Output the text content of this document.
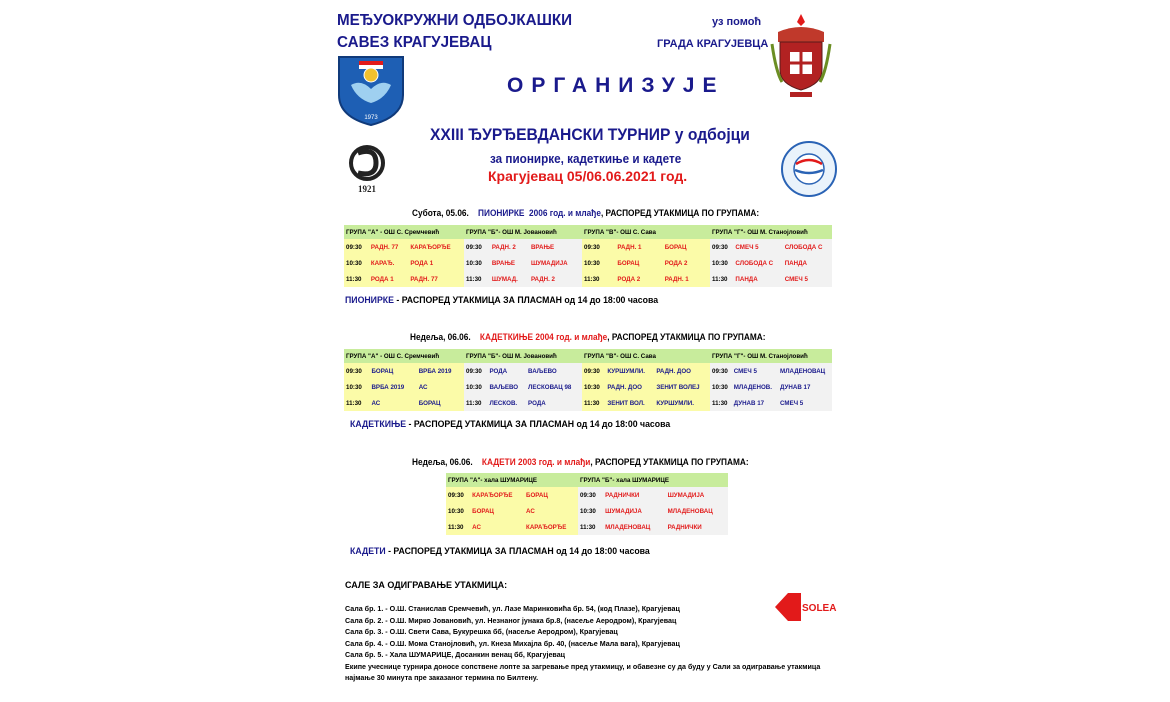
МЕЂУОКРУЖНИ ОДБОЈКАШКИ
САВЕЗ КРАГУЈЕВАЦ
уз помоћ
ГРАДА КРАГУЈЕВЦА
1973
1921
ОРГАНИЗУЈЕ
XXIII ЂУРЂЕВДАНСКИ ТУРНИР у одбојци
за пионирке, кадеткиње и кадете
Крагујевац 05/06.06.2021 год.
Субота, 05.06. ПИОНИРКЕ 2006 год. и млађе, РАСПОРЕД УТАКМИЦА ПО ГРУПАМА:
ГРУПА "А" - ОШ С. Сремчевић		
09:30	РАДН. 77	КАРАЂОРЂЕ
10:30	КАРАЂ.	РОДА 1
11:30	РОДА 1	РАДН. 77
ГРУПА "Б"- ОШ М. Јовановић		
09:30	РАДН. 2	ВРАЊЕ
10:30	ВРАЊЕ	ШУМАДИЈА
11:30	ШУМАД.	РАДН. 2
ГРУПА "В"- ОШ С. Сава		
09:30	РАДН. 1	БОРАЦ
10:30	БОРАЦ	РОДА 2
11:30	РОДА 2	РАДН. 1
ГРУПА "Г"- ОШ М. Станојловић		
09:30	СМЕЧ 5	СЛОБОДА С
10:30	СЛОБОДА С	ПАНДА
11:30	ПАНДА	СМЕЧ 5
ПИОНИРКЕ - РАСПОРЕД УТАКМИЦА ЗА ПЛАСМАН од 14 до 18:00 часова
Недеља, 06.06. КАДЕТКИЊЕ 2004 год. и млађе, РАСПОРЕД УТАКМИЦА ПО ГРУПАМА:
ГРУПА "А" - ОШ С. Сремчевић		
09:30	БОРАЦ	ВРБА 2019
10:30	ВРБА 2019	АС
11:30	АС	БОРАЦ
ГРУПА "Б"- ОШ М. Јовановић		
09:30	РОДА	ВАЉЕВО
10:30	ВАЉЕВО	ЛЕСКОВАЦ 98
11:30	ЛЕСКОВ.	РОДА
ГРУПА "В"- ОШ С. Сава		
09:30	КУРШУМЛИ.	РАДН. ДОО
10:30	РАДН. ДОО	ЗЕНИТ ВОЛЕЈ
11:30	ЗЕНИТ ВОЛ.	КУРШУМЛИ.
ГРУПА "Г"- ОШ М. Станојловић		
09:30	СМЕЧ 5	МЛАДЕНОВАЦ
10:30	МЛАДЕНОВ.	ДУНАВ 17
11:30	ДУНАВ 17	СМЕЧ 5
КАДЕТКИЊЕ - РАСПОРЕД УТАКМИЦА ЗА ПЛАСМАН од 14 до 18:00 часова
Недеља, 06.06. КАДЕТИ 2003 год. и млађи, РАСПОРЕД УТАКМИЦА ПО ГРУПАМА:
ГРУПА "А"- хала ШУМАРИЦЕ		
09:30	КАРАЂОРЂЕ	БОРАЦ
10:30	БОРАЦ	АС
11:30	АС	КАРАЂОРЂЕ
ГРУПА "Б"- хала ШУМАРИЦЕ		
09:30	РАДНИЧКИ	ШУМАДИЈА
10:30	ШУМАДИЈА	МЛАДЕНОВАЦ
11:30	МЛАДЕНОВАЦ	РАДНИЧКИ
КАДЕТИ - РАСПОРЕД УТАКМИЦА ЗА ПЛАСМАН од 14 до 18:00 часова
САЛЕ ЗА ОДИГРАВАЊЕ УТАКМИЦА:
Сала бр. 1. - О.Ш. Станислав Сремчевић, ул. Лазе Маринковића бр. 54, (код Плазе), Крагујевац
Сала бр. 2. - О.Ш. Мирко Јовановић, ул. Незнаног јунака бр.8, (насеље Аеродром), Крагујевац
Сала бр. 3. - О.Ш. Свети Сава, Букурешка бб, (насеље Аеродром), Крагујевац
Сала бр. 4. - О.Ш. Мома Станојловић, ул. Кнеза Михајла бр. 40, (насеље Мала вага), Крагујевац
Сала бр. 5. - Хала ШУМАРИЦЕ, Досанкин венац бб, Крагујевац
Екипе учеснице турнира доносе сопствене лопте за загревање пред утакмицу, и обавезне су да буду у Сали за одигравање утакмица
најмање 30 минута пре заказаног термина по Билтену.
SOLEA
